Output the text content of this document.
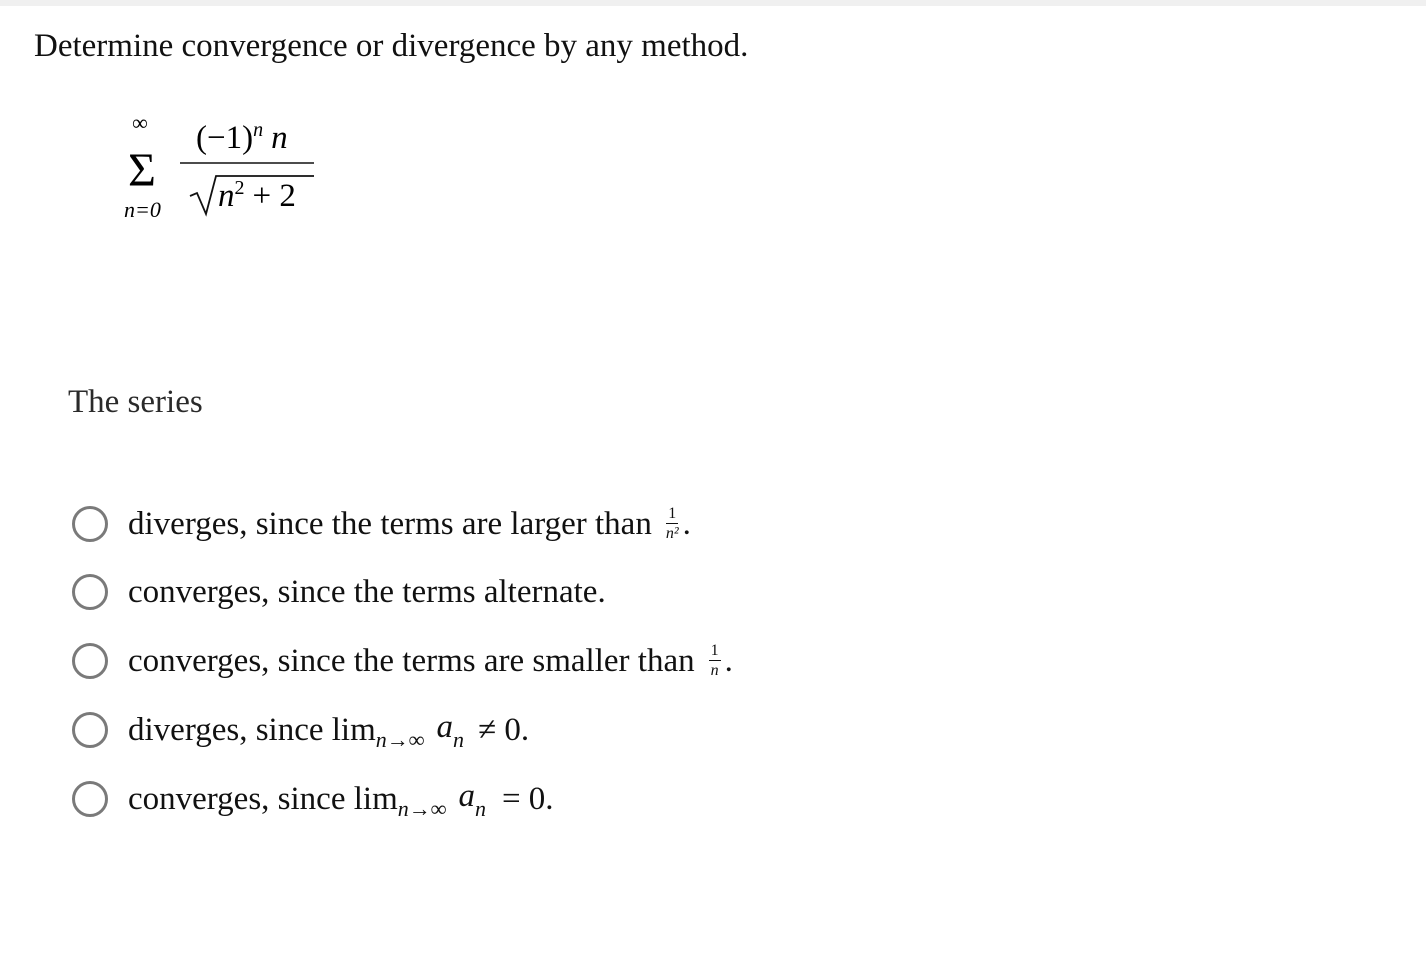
Determine convergence or divergence by any method.
∞
Σ
n=0
$(-1)^n$ n
$n^2 + 2$
The series
diverges, since the terms are larger than $\frac{1}{\text{n²}}$ .
converges, since the terms alternate.
converges, since the terms are smaller than $\frac{1}{n}$ .
diverges, since lim n→∞ $a_n \ne 0$.
converges, since lim n→∞ $a_n = 0$.
